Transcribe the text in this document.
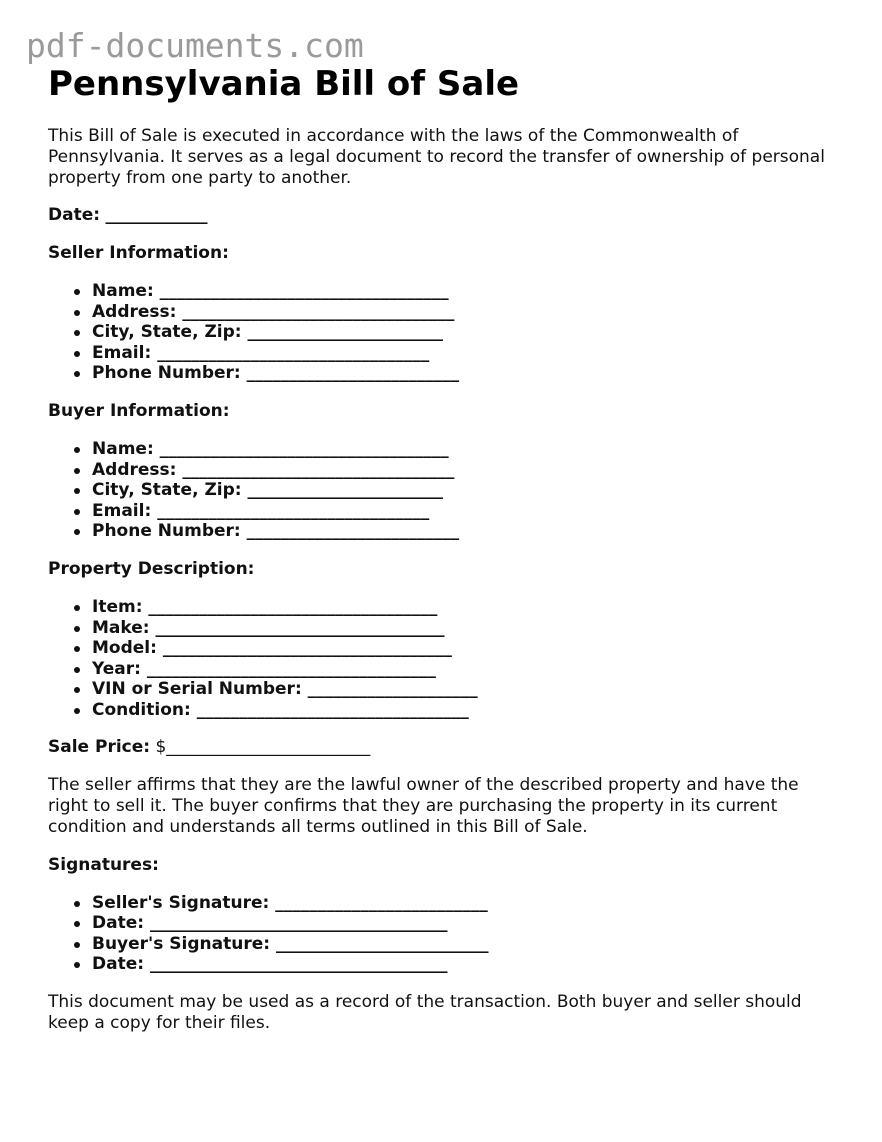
pdf-documents.com
Pennsylvania Bill of Sale

This Bill of Sale is executed in accordance with the laws of the Commonwealth of Pennsylvania. It serves as a legal document to record the transfer of ownership of personal property from one party to another.

Date: ____________
Seller Information:
Name: __________________________________
Address: ________________________________
City, State, Zip: _______________________
Email: ________________________________
Phone Number: _________________________
Buyer Information:
Name: __________________________________
Address: ________________________________
City, State, Zip: _______________________
Email: ________________________________
Phone Number: _________________________
Property Description:
Item: __________________________________
Make: __________________________________
Model: __________________________________
Year: __________________________________
VIN or Serial Number: ____________________
Condition: ________________________________
Sale Price: $________________________

The seller affirms that they are the lawful owner of the described property and have the right to sell it. The buyer confirms that they are purchasing the property in its current condition and understands all terms outlined in this Bill of Sale.

Signatures:
Seller's Signature: _________________________
Date: ___________________________________
Buyer's Signature: _________________________
Date: ___________________________________

This document may be used as a record of the transaction. Both buyer and seller should keep a copy for their files.
